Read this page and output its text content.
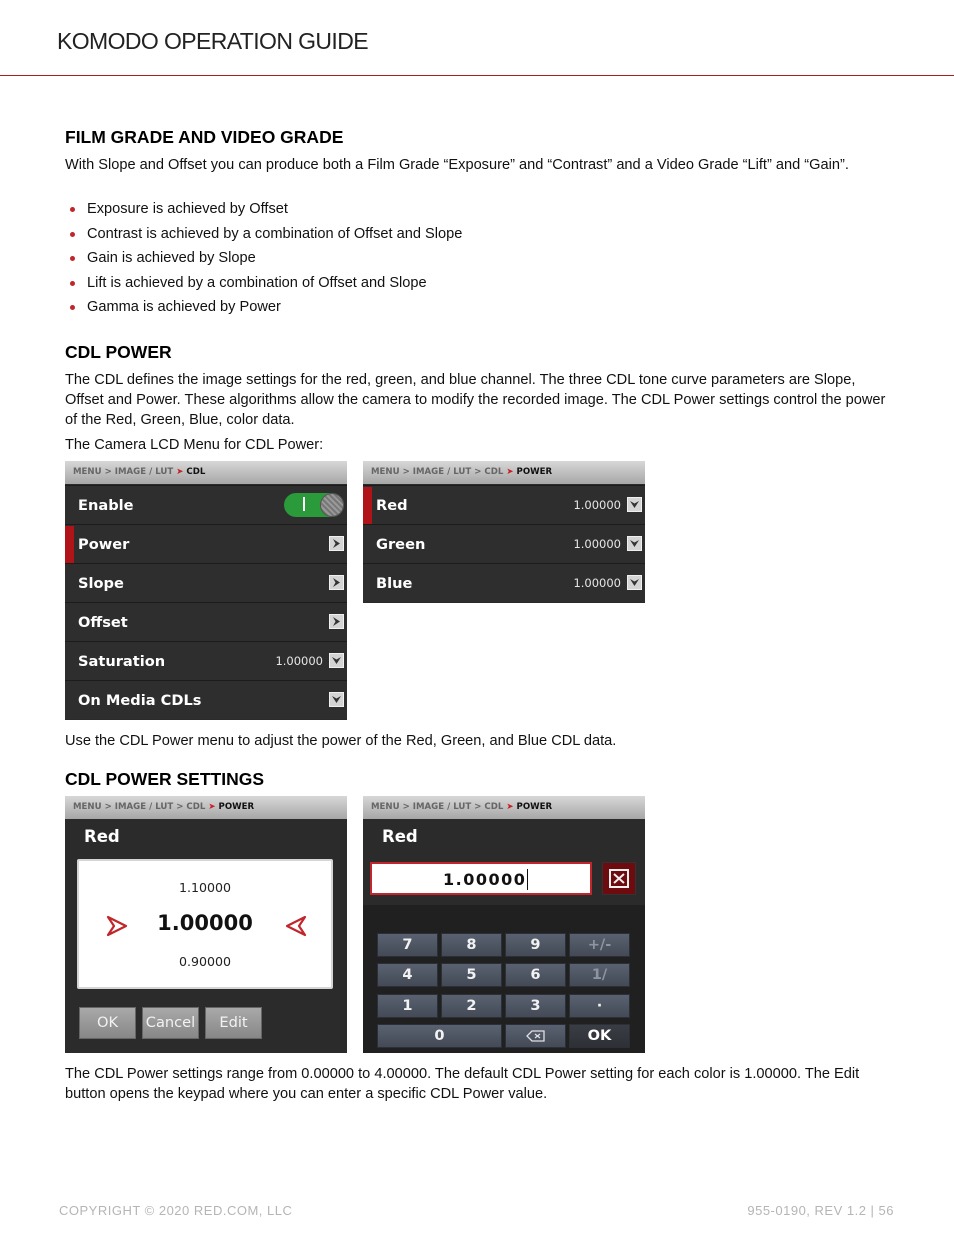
KOMODO OPERATION GUIDE
FILM GRADE AND VIDEO GRADE
With Slope and Offset you can produce both a Film Grade “Exposure” and “Contrast” and a Video Grade “Lift” and “Gain”.
Exposure is achieved by Offset
Contrast is achieved by a combination of Offset and Slope
Gain is achieved by Slope
Lift is achieved by a combination of Offset and Slope
Gamma is achieved by Power
CDL POWER
The CDL defines the image settings for the red, green, and blue channel. The three CDL tone curve parameters are Slope, Offset and Power. These algorithms allow the camera to modify the recorded image. The CDL Power settings control the power of the Red, Green, Blue, color data.
The Camera LCD Menu for CDL Power:
MENU > IMAGE / LUT ➤ CDL
Enable
Power
Slope
Offset
Saturation	1.00000
On Media CDLs
MENU > IMAGE / LUT > CDL ➤ POWER
Red	1.00000
Green	1.00000
Blue	1.00000
Use the CDL Power menu to adjust the power of the Red, Green, and Blue CDL data.
CDL POWER SETTINGS
MENU > IMAGE / LUT > CDL ➤ POWER
Red
1.10000
1.00000
0.90000
OK	Cancel	Edit
MENU > IMAGE / LUT > CDL ➤ POWER
Red
1.00000
7	8	9	+/-
4	5	6	1/
1	2	3	·
0	OK
The CDL Power settings range from 0.00000 to 4.00000. The default CDL Power setting for each color is 1.00000. The Edit button opens the keypad where you can enter a specific CDL Power value.
COPYRIGHT © 2020 RED.COM, LLC	955-0190, REV 1.2 | 56
